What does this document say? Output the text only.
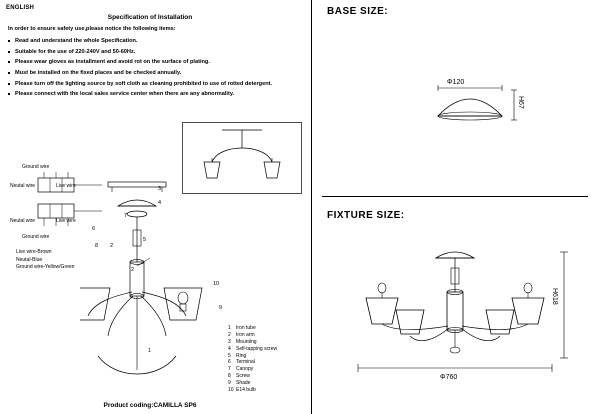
ENGLISH
Specification of Installation
In order to ensure safety use,please notice the following items:
Read and understand the whole Specification.
Suitable for the use of 220-240V and 50-60Hz.
Please wear gloves as installment and avoid rot on the surface of plating.
Must be installed on the fixed places and be checked annually.
Please turn off the lighting source by soft cloth as cleaning prohibited to use of rotted detergent.
Please connect with the local sales service center when there are any abnormality.
Ground wire
Neutal wire	Live wire
Neutal wire	Live wire
Ground wire
Live wire-Brown
Neutal-Blue
Ground wire-Yellow/Green
3
4
6
7
5
8 2
2
10
9
1
1 Iron tube
2 Iron arm
3 Mounting
4 Self-tapping screw
5 Ring
6 Terminal
7 Canopy
8 Screw
9 Shade
10 E14 bulb
Product coding:CAMILLA SP6
BASE SIZE:
Φ120
H67
FIXTURE SIZE:
H618
Φ760
